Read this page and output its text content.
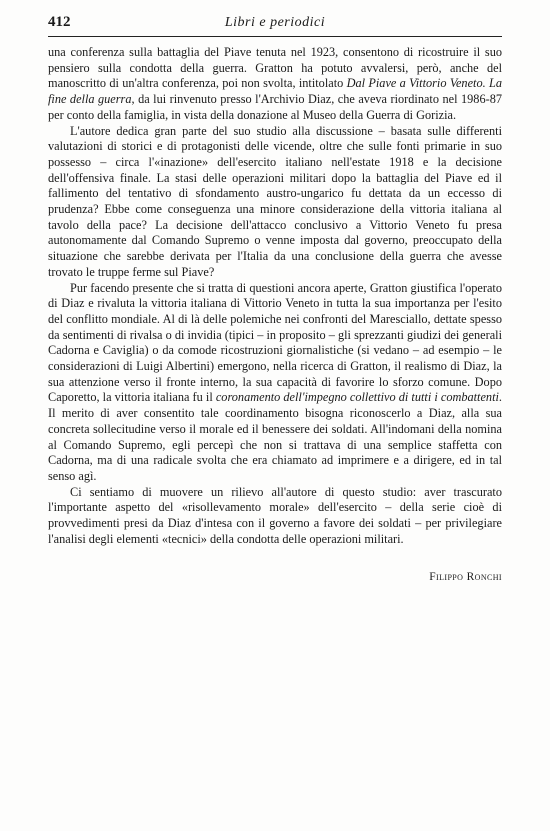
412	Libri e periodici

una conferenza sulla battaglia del Piave tenuta nel 1923, consentono di ricostruire il suo pensiero sulla condotta della guerra. Gratton ha potuto avvalersi, però, anche del manoscritto di un'altra conferenza, poi non svolta, intitolato Dal Piave a Vittorio Veneto. La fine della guerra, da lui rinvenuto presso l'Archivio Diaz, che aveva riordinato nel 1986-87 per conto della famiglia, in vista della donazione al Museo della Guerra di Gorizia.

L'autore dedica gran parte del suo studio alla discussione – basata sulle differenti valutazioni di storici e di protagonisti delle vicende, oltre che sulle fonti primarie in suo possesso – circa l'«inazione» dell'esercito italiano nell'estate 1918 e la decisione dell'offensiva finale. La stasi delle operazioni militari dopo la battaglia del Piave ed il fallimento del tentativo di sfondamento austro-ungarico fu dettata da un eccesso di prudenza? Ebbe come conseguenza una minore considerazione della vittoria italiana al tavolo della pace? La decisione dell'attacco conclusivo a Vittorio Veneto fu presa autonomamente dal Comando Supremo o venne imposta dal governo, preoccupato della situazione che sarebbe derivata per l'Italia da una conclusione della guerra che avesse trovato le truppe ferme sul Piave?

Pur facendo presente che si tratta di questioni ancora aperte, Gratton giustifica l'operato di Diaz e rivaluta la vittoria italiana di Vittorio Veneto in tutta la sua importanza per l'esito del conflitto mondiale. Al di là delle polemiche nei confronti del Maresciallo, dettate spesso da sentimenti di rivalsa o di invidia (tipici – in proposito – gli sprezzanti giudizi dei generali Cadorna e Caviglia) o da comode ricostruzioni giornalistiche (si vedano – ad esempio – le considerazioni di Luigi Albertini) emergono, nella ricerca di Gratton, il realismo di Diaz, la sua attenzione verso il fronte interno, la sua capacità di favorire lo sforzo comune. Dopo Caporetto, la vittoria italiana fu il coronamento dell'impegno collettivo di tutti i combattenti. Il merito di aver consentito tale coordinamento bisogna riconoscerlo a Diaz, alla sua concreta sollecitudine verso il morale ed il benessere dei soldati. All'indomani della nomina al Comando Supremo, egli percepì che non si trattava di una semplice staffetta con Cadorna, ma di una radicale svolta che era chiamato ad imprimere e a dirigere, ed in tal senso agì.

Ci sentiamo di muovere un rilievo all'autore di questo studio: aver trascurato l'importante aspetto del «risollevamento morale» dell'esercito – della serie cioè di provvedimenti presi da Diaz d'intesa con il governo a favore dei soldati – per privilegiare l'analisi degli elementi «tecnici» della condotta delle operazioni militari.

Filippo Ronchi
